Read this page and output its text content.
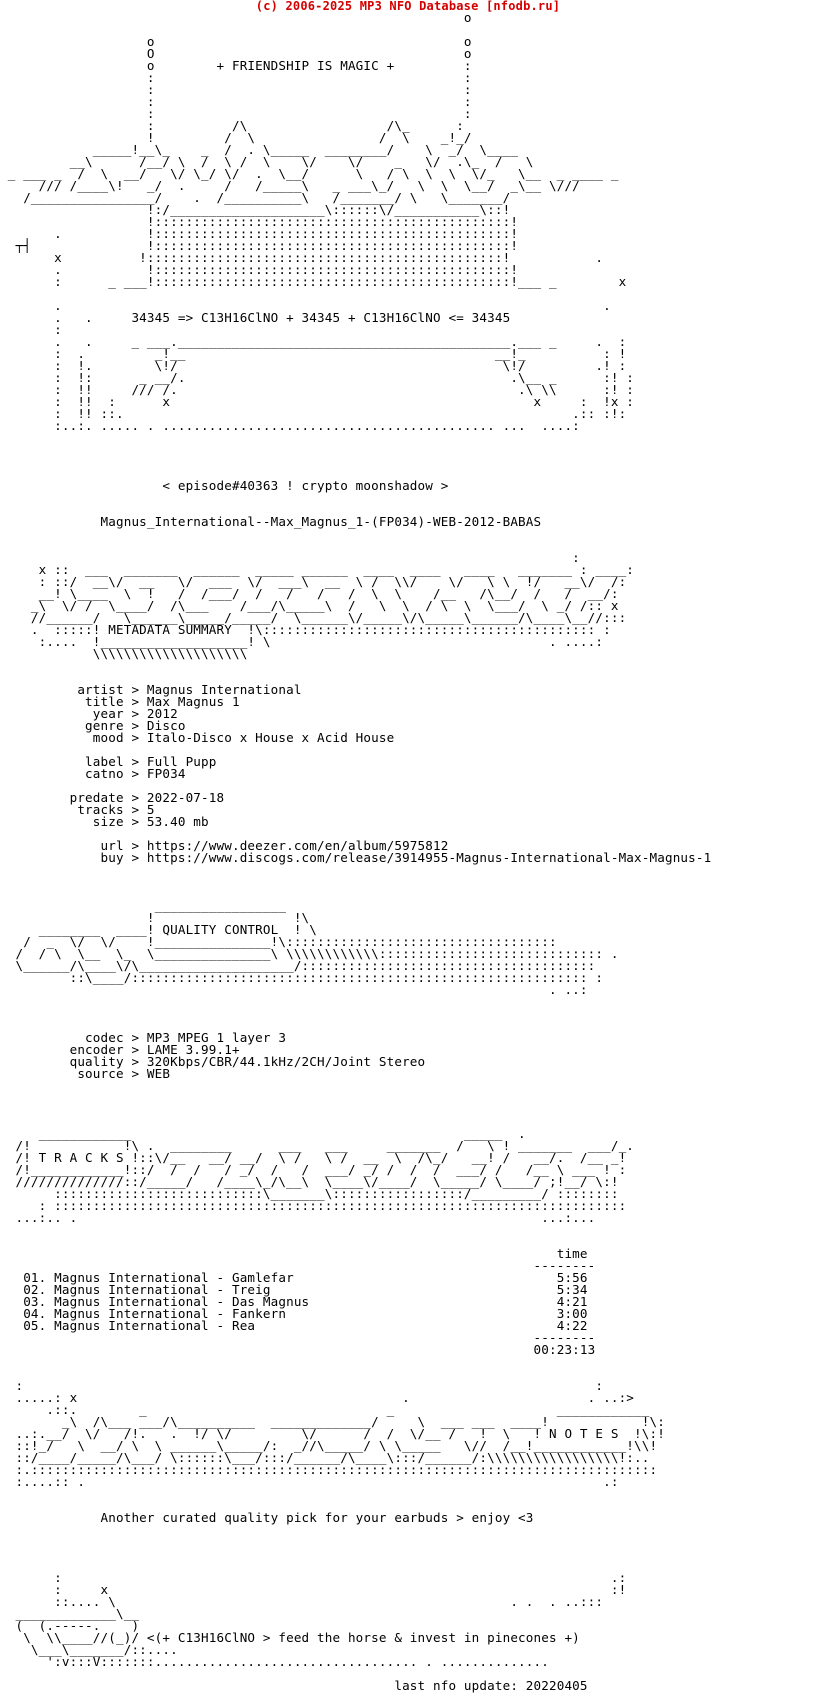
(c) 2006-2025 MP3 NFO Database [nfodb.ru]
o

o                                        o
O                                        o
o        + FRIENDSHIP IS MAGIC +         :
:                                        :
:                                        :
:                                        :
:                                        :
:          /\                  /\_      :
!         /  \                /  \    _!_/
_____!__\_    _  /  . \_____  ________/    \  _/  \____
__\      /__/ \  /  \ /  \    \/    \/    _   \/  .\_  /   \
_ ___ _  /  \  __/   \/ \_/ \/  .  \__/      \   / \  \  \  \/_   \__  _ ____ _
/// /____\!   _/  .     /   /_____\   _ ___\_/   \  \  \__/  _\__ \///
/________________/    .  /__________\   /_______/ \   \_______/
!:/____________________\::::::\/___________\::!
!::::::::::::::::::::::::::::::::::::::::::::::!
.           !::::::::::::::::::::::::::::::::::::::::::::::!
┬┤               !::::::::::::::::::::::::::::::::::::::::::::::!
x          !::::::::::::::::::::::::::::::::::::::::::::::!           .
.           !::::::::::::::::::::::::::::::::::::::::::::::!
:      _ ___!::::::::::::::::::::::::::::::::::::::::::::::!___ _        x

.                                                                      .
.   .     34345 => C13H16ClNO + 34345 + C13H16ClNO <= 34345
:
.   .     _ ___.___________________________________________.___ _     .  :
:  .         _!__                                        __!_          : !
:  !.        \!/                                          \!/         .! :
:  !:      _ __/.                                          .\__ _      :! :
:  !!     /// /.                                            .\ \\      :! :
:  !!  :      x                                               x     :  !x :
:  !! ::.                                                          .:: :!:
:..:. ..... . ........................................... ...  ....:

< episode#40363 ! crypto moonshadow >

Magnus_International--Max_Magnus_1-(FP034)-WEB-2012-BABAS

:
x ::  ___  _______  ______  _____ ______  ____  ____   ____   _______ : ____:
: ::/  __\/  __   \/  ___  \/  ___\  __  \ /  \\/    \/   \ \  !/   __\/  /:
__! \____  \  !   /  /___/  /   /   /   /  \  \    /__   /\__/  /   /  __/:
_\  \/ /  \____/  /\___    /___/\_____\  /   \  \  / \  \  \___/  \ _/ /:: x
//______/   \______\_____/_____/  \______\/_____\/\_____\______/\____\__//:::
.  :::::! METADATA SUMMARY  !\::::::::::::::::::::::::::::::::::::::::::: :
:....  !___________________! \                                    . ....:
\\\\\\\\\\\\\\\\\\\\

artist > Magnus International
title > Max Magnus 1
year > 2012
genre > Disco
mood > Italo-Disco x House x Acid House

label > Full Pupp
catno > FP034

predate > 2022-07-18
tracks > 5
size > 53.40 mb

url > https://www.deezer.com/en/album/5975812
buy > https://www.discogs.com/release/3914955-Magnus-International-Max-Magnus-1

_________________
!                  !\
________  ____! QUALITY CONTROL  ! \
/  _  \/  \/    !_______________!\:::::::::::::::::::::::::::::::::::
/  / \  \__  \_  \_______________\ \\\\\\\\\\\\::::::::::::::::::::::::::::: .
\______/\____\/\____________________/::::::::::::::::::::::::::::::::::::::
::\____/::::::::::::::::::::::::::::::::::::::::::::::::::::::::::: :
. ..:

codec > MP3 MPEG 1 layer 3
encoder > LAME 3.99.1+
quality > 320Kbps/CBR/44.1kHz/2CH/Joint Stereo
source > WEB

____________                                           _____  .
/!            !\ .  ________      ___   ___     _______  /   \ ! _______  ___/_.
/! T R A C K S !::\/__   __/ __/  \ /   \ /  __  \  /\_/   __! /   __/.  /__ _!
/!____________!::/  /  /   / _/  /   /  ___/ _/ /  /  /  ___/ /   /__ \ ___ ! :
//////////////::/_____/   /____\_/\__\  \____\/____/  \_____/ \____/ ;!__/ \:!
:::::::::::::::::::::::::::\_______\:::::::::::::::::/_________/ ::::::::
: ::::::::::::::::::::::::::::::::::::::::::::::::::::::::::::::::::::::::::
...:.. .                                                            ...:...

time
--------
01. Magnus International - Gamlefar                                  5:56
02. Magnus International - Treig                                     5:34
03. Magnus International - Das Magnus                                4:21
04. Magnus International - Fankern                                   3:00
05. Magnus International - Rea                                       4:22
--------
00:23:13

:                                                                          :
.....: x                                          .                       . ..:>
.::.        _                               _                     ____________
_\  /\___ ___/\__________  _____________/     \  ___ ___  ____!            !\:
..:.__/  \/   /!.   .  !/ \/         \/      /  /  \/__ /   !  \   ! N O T E S  !\:!
::!_/   \  __/ \  \ ______\_____/:  _//\_____/ \ \_____   \//  /__!____________!\\!
::/____/_____/\___/ \::::::\___/:::/______/\____\:::/______/:\\\\\\\\\\\\\\\\\!:..
:.:::::::::::::::::::::::::::::::::::::::::::::::::::::::::::::::::::::::::::::::::
:....:: .                                                                   .:

Another curated quality pick for your earbuds > enjoy <3

:                                                                       .:
:     x                                                                 :!
::.... \                                                   . .  . ..:::
_____________\__
(  (.-----.    )
\  \\____//(_)/ <(+ C13H16ClNO > feed the horse & invest in pinecones +)
\___\_______/::....
':v:::V:::::::.................................. . ..............

last nfo update: 20220405
